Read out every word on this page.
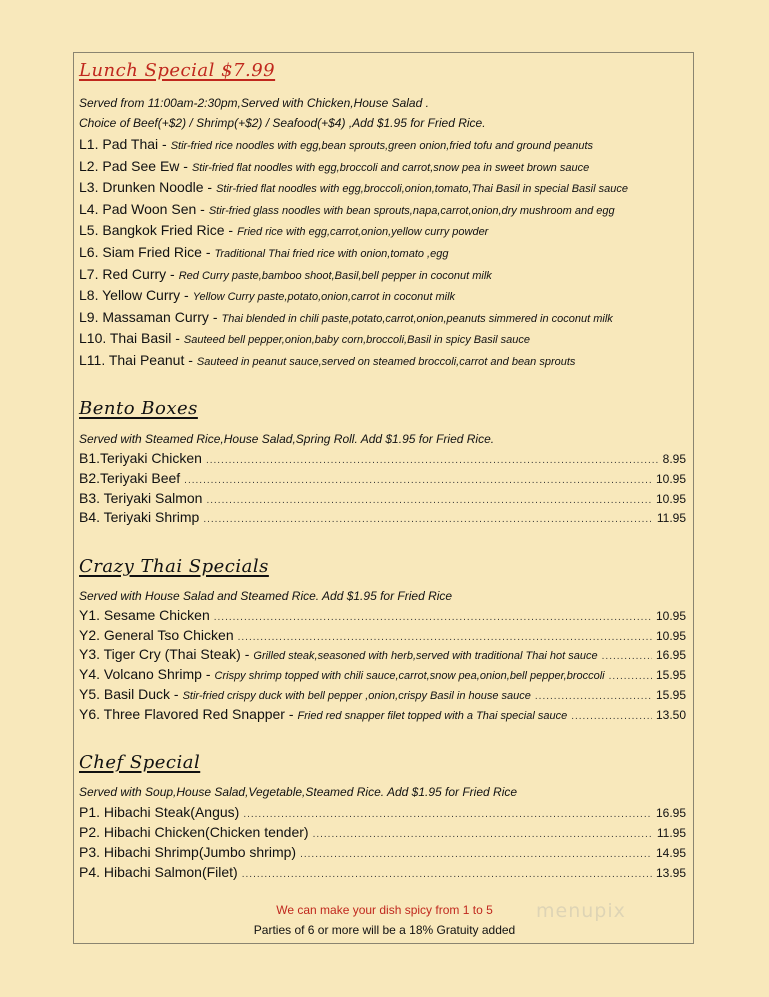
Lunch Special $7.99
Served from 11:00am-2:30pm,Served with Chicken,House Salad .
Choice of Beef(+$2) / Shrimp(+$2) / Seafood(+$4) ,Add $1.95 for Fried Rice.
L1. Pad Thai - Stir-fried rice noodles with egg,bean sprouts,green onion,fried tofu and ground peanuts
L2. Pad See Ew - Stir-fried flat noodles with egg,broccoli and carrot,snow pea in sweet brown sauce
L3. Drunken Noodle - Stir-fried flat noodles with egg,broccoli,onion,tomato,Thai Basil in special Basil sauce
L4. Pad Woon Sen - Stir-fried glass noodles with bean sprouts,napa,carrot,onion,dry mushroom and egg
L5. Bangkok Fried Rice - Fried rice with egg,carrot,onion,yellow curry powder
L6. Siam Fried Rice - Traditional Thai fried rice with onion,tomato ,egg
L7. Red Curry - Red Curry paste,bamboo shoot,Basil,bell pepper in coconut milk
L8. Yellow Curry - Yellow Curry paste,potato,onion,carrot in coconut milk
L9. Massaman Curry - Thai blended in chili paste,potato,carrot,onion,peanuts simmered in coconut milk
L10. Thai Basil - Sauteed bell pepper,onion,baby corn,broccoli,Basil in spicy Basil sauce
L11. Thai Peanut - Sauteed in peanut sauce,served on steamed broccoli,carrot and bean sprouts
Bento Boxes
Served with Steamed Rice,House Salad,Spring Roll. Add $1.95 for Fried Rice.
B1.Teriyaki Chicken .....	8.95
B2.Teriyaki Beef .....	10.95
B3. Teriyaki Salmon .....	10.95
B4. Teriyaki Shrimp .....	11.95
Crazy Thai Specials
Served with House Salad and Steamed Rice. Add $1.95 for Fried Rice
Y1. Sesame Chicken .....	10.95
Y2. General Tso Chicken .....	10.95
Y3. Tiger Cry (Thai Steak) - Grilled steak,seasoned with herb,served with traditional Thai hot sauce .....	16.95
Y4. Volcano Shrimp - Crispy shrimp topped with chili sauce,carrot,snow pea,onion,bell pepper,broccoli .....	15.95
Y5. Basil Duck - Stir-fried crispy duck with bell pepper ,onion,crispy Basil in house sauce .....	15.95
Y6. Three Flavored Red Snapper - Fried red snapper filet topped with a Thai special sauce .....	13.50
Chef Special
Served with Soup,House Salad,Vegetable,Steamed Rice. Add $1.95 for Fried Rice
P1. Hibachi Steak(Angus) .....	16.95
P2. Hibachi Chicken(Chicken tender) .....	11.95
P3. Hibachi Shrimp(Jumbo shrimp) .....	14.95
P4. Hibachi Salmon(Filet) .....	13.95
We can make your dish spicy from 1 to 5
Parties of 6 or more will be a 18% Gratuity added
menupix
